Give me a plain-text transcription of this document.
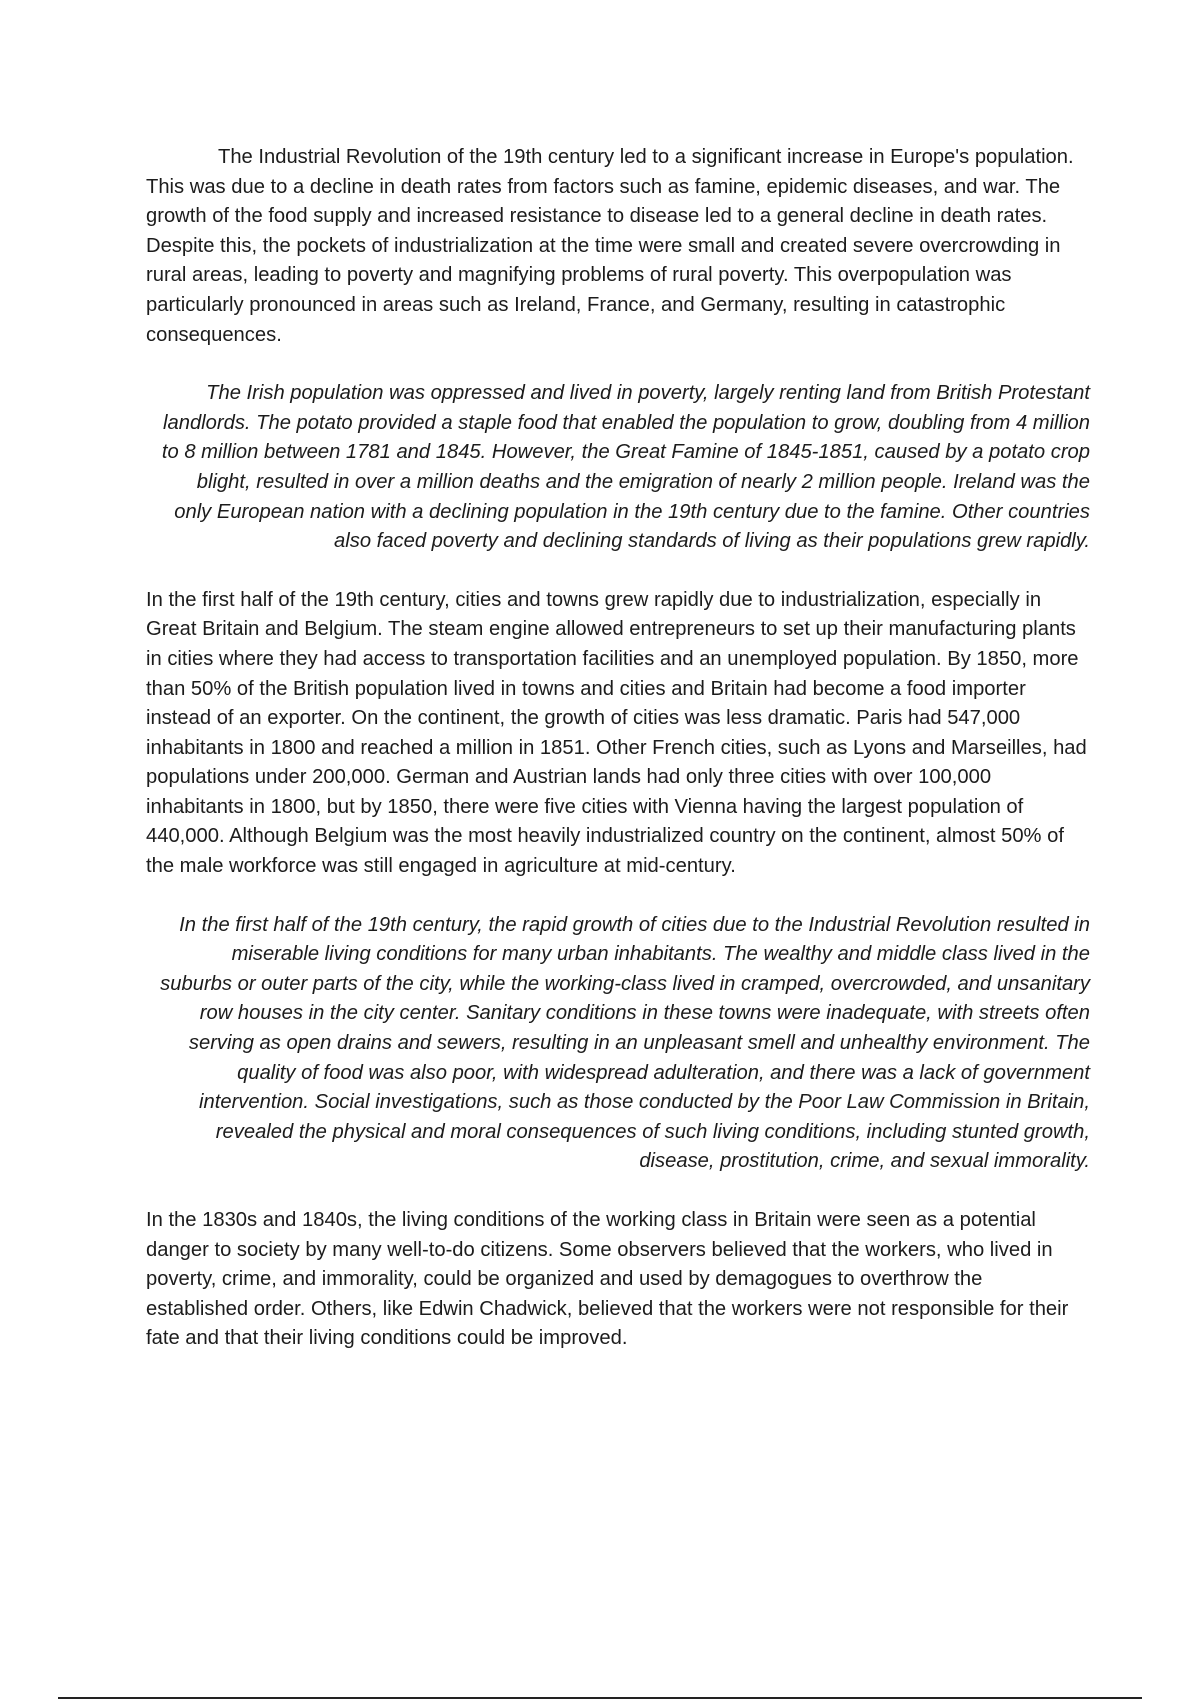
The Industrial Revolution of the 19th century led to a significant increase in Europe's population. This was due to a decline in death rates from factors such as famine, epidemic diseases, and war. The growth of the food supply and increased resistance to disease led to a general decline in death rates. Despite this, the pockets of industrialization at the time were small and created severe overcrowding in rural areas, leading to poverty and magnifying problems of rural poverty. This overpopulation was particularly pronounced in areas such as Ireland, France, and Germany, resulting in catastrophic consequences.

The Irish population was oppressed and lived in poverty, largely renting land from British Protestant landlords. The potato provided a staple food that enabled the population to grow, doubling from 4 million to 8 million between 1781 and 1845. However, the Great Famine of 1845-1851, caused by a potato crop blight, resulted in over a million deaths and the emigration of nearly 2 million people. Ireland was the only European nation with a declining population in the 19th century due to the famine. Other countries also faced poverty and declining standards of living as their populations grew rapidly.

In the first half of the 19th century, cities and towns grew rapidly due to industrialization, especially in Great Britain and Belgium. The steam engine allowed entrepreneurs to set up their manufacturing plants in cities where they had access to transportation facilities and an unemployed population. By 1850, more than 50% of the British population lived in towns and cities and Britain had become a food importer instead of an exporter. On the continent, the growth of cities was less dramatic. Paris had 547,000 inhabitants in 1800 and reached a million in 1851. Other French cities, such as Lyons and Marseilles, had populations under 200,000. German and Austrian lands had only three cities with over 100,000 inhabitants in 1800, but by 1850, there were five cities with Vienna having the largest population of 440,000. Although Belgium was the most heavily industrialized country on the continent, almost 50% of the male workforce was still engaged in agriculture at mid-century.

In the first half of the 19th century, the rapid growth of cities due to the Industrial Revolution resulted in miserable living conditions for many urban inhabitants. The wealthy and middle class lived in the suburbs or outer parts of the city, while the working-class lived in cramped, overcrowded, and unsanitary row houses in the city center. Sanitary conditions in these towns were inadequate, with streets often serving as open drains and sewers, resulting in an unpleasant smell and unhealthy environment. The quality of food was also poor, with widespread adulteration, and there was a lack of government intervention. Social investigations, such as those conducted by the Poor Law Commission in Britain, revealed the physical and moral consequences of such living conditions, including stunted growth, disease, prostitution, crime, and sexual immorality.

In the 1830s and 1840s, the living conditions of the working class in Britain were seen as a potential danger to society by many well-to-do citizens. Some observers believed that the workers, who lived in poverty, crime, and immorality, could be organized and used by demagogues to overthrow the established order. Others, like Edwin Chadwick, believed that the workers were not responsible for their fate and that their living conditions could be improved.
